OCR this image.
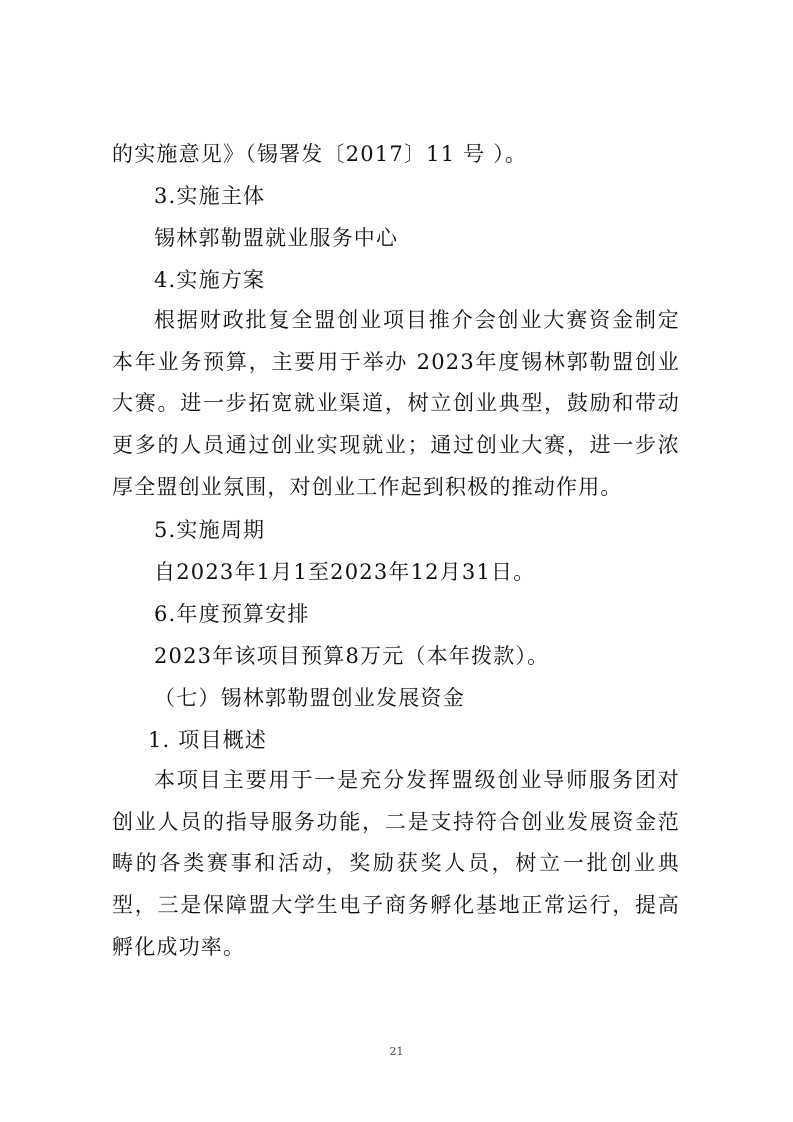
的实施意见》（锡署发〔2017〕11 号 ）。
3.实施主体
锡林郭勒盟就业服务中心
4.实施方案

根据财政批复全盟创业项目推介会创业大赛资金制定本年业务预算，主要用于举办 2023年度锡林郭勒盟创业大赛。进一步拓宽就业渠道，树立创业典型，鼓励和带动更多的人员通过创业实现就业；通过创业大赛，进一步浓厚全盟创业氛围，对创业工作起到积极的推动作用。

5.实施周期
自2023年1月1至2023年12月31日。
6.年度预算安排
2023年该项目预算8万元（本年拨款）。
（七）锡林郭勒盟创业发展资金
1. 项目概述

本项目主要用于一是充分发挥盟级创业导师服务团对创业人员的指导服务功能，二是支持符合创业发展资金范畴的各类赛事和活动，奖励获奖人员，树立一批创业典型，三是保障盟大学生电子商务孵化基地正常运行，提高孵化成功率。

21
